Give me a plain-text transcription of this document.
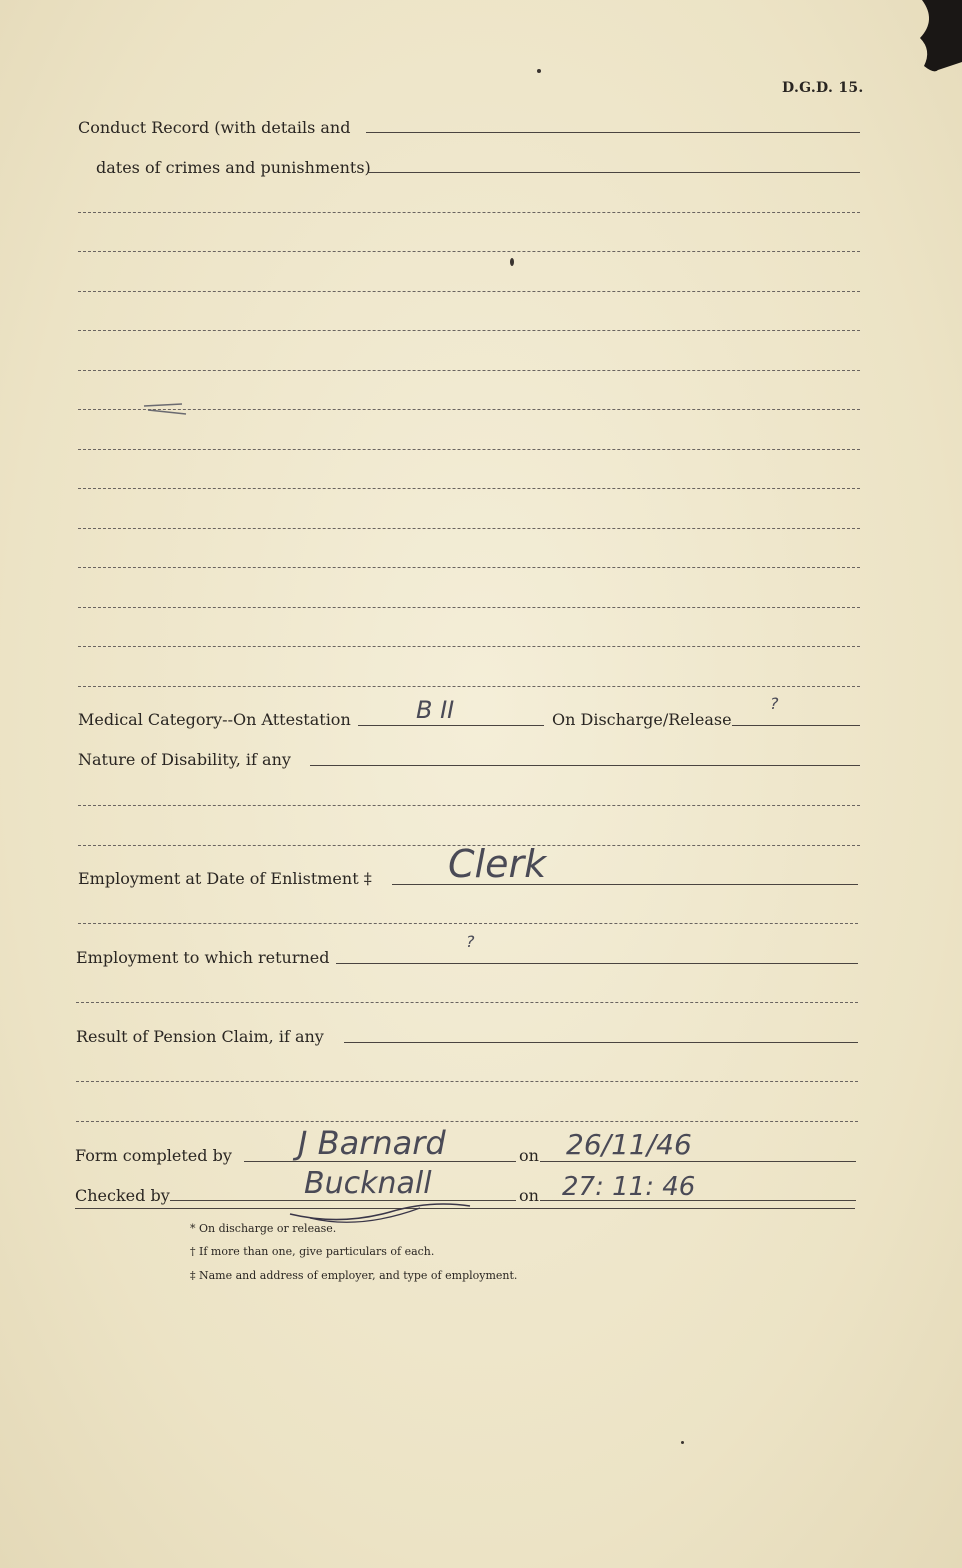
D.G.D. 15.
Conduct Record (with details and
dates of crimes and punishments)
Medical Category--On Attestation	B II	On Discharge/Release
?
Nature of Disability, if any
Employment at Date of Enlistment ‡ Clerk
Employment to which returned
?
Result of Pension Claim, if any
Form completed by J Barnard	on 26/11/46
Checked by	Bucknall	on 27: 11: 46
* On discharge or release.
† If more than one, give particulars of each.
‡ Name and address of employer, and type of employment.
